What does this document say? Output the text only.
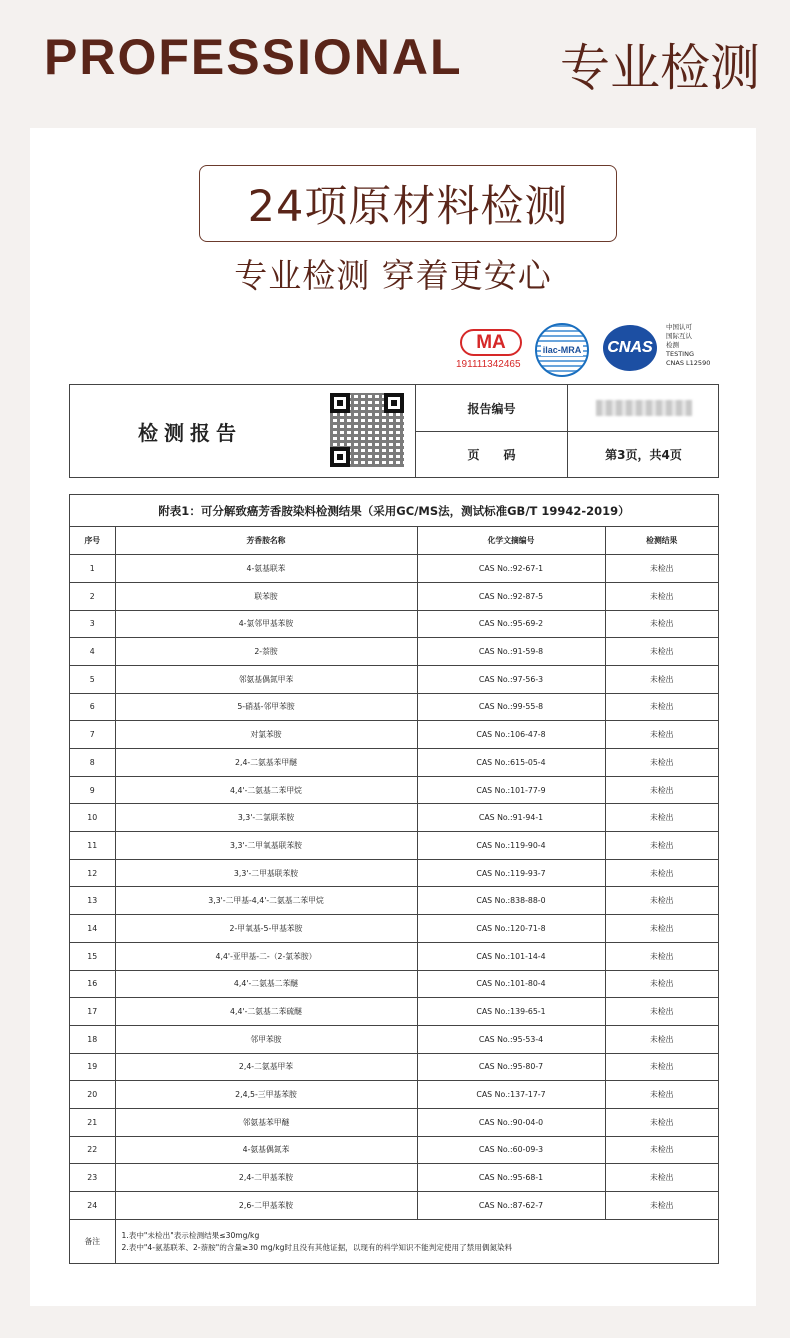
PROFESSIONAL 专业检测
24项原材料检测
专业检测 穿着更安心
MA
191111342465
ilac-MRA	CNAS
中国认可
国际互认
检测
TESTING
CNAS L12590
检测报告
报告编号
页　　码	第3页，共4页
附表1：可分解致癌芳香胺染料检测结果（采用GC/MS法，测试标准GB/T 19942-2019）
序号	芳香胺名称	化学文摘编号	检测结果
1	4-氨基联苯	CAS No.:92-67-1	未检出
2	联苯胺	CAS No.:92-87-5	未检出
3	4-氯邻甲基苯胺	CAS No.:95-69-2	未检出
4	2-萘胺	CAS No.:91-59-8	未检出
5	邻氨基偶氮甲苯	CAS No.:97-56-3	未检出
6	5-硝基-邻甲苯胺	CAS No.:99-55-8	未检出
7	对氯苯胺	CAS No.:106-47-8	未检出
8	2,4-二氨基苯甲醚	CAS No.:615-05-4	未检出
9	4,4'-二氨基二苯甲烷	CAS No.:101-77-9	未检出
10	3,3'-二氯联苯胺	CAS No.:91-94-1	未检出
11	3,3'-二甲氧基联苯胺	CAS No.:119-90-4	未检出
12	3,3'-二甲基联苯胺	CAS No.:119-93-7	未检出
13	3,3'-二甲基-4,4'-二氨基二苯甲烷	CAS No.:838-88-0	未检出
14	2-甲氧基-5-甲基苯胺	CAS No.:120-71-8	未检出
15	4,4'-亚甲基-二-（2-氯苯胺）	CAS No.:101-14-4	未检出
16	4,4'-二氨基二苯醚	CAS No.:101-80-4	未检出
17	4,4'-二氨基二苯硫醚	CAS No.:139-65-1	未检出
18	邻甲苯胺	CAS No.:95-53-4	未检出
19	2,4-二氨基甲苯	CAS No.:95-80-7	未检出
20	2,4,5-三甲基苯胺	CAS No.:137-17-7	未检出
21	邻氨基苯甲醚	CAS No.:90-04-0	未检出
22	4-氨基偶氮苯	CAS No.:60-09-3	未检出
23	2,4-二甲基苯胺	CAS No.:95-68-1	未检出
24	2,6-二甲基苯胺	CAS No.:87-62-7	未检出
备注	1.表中"未检出"表示检测结果≤30mg/kg
2.表中"4-氨基联苯、2-萘胺"的含量≥30 mg/kg时且没有其他证据，以现有的科学知识不能判定使用了禁用偶氮染料		
